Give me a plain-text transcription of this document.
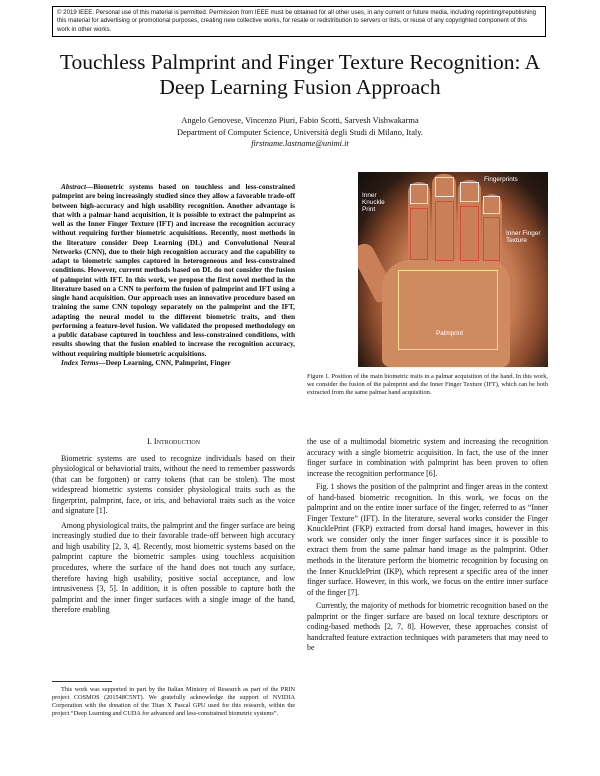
© 2019 IEEE. Personal use of this material is permitted. Permission from IEEE must be obtained for all other uses, in any current or future media, including reprinting/republishing this material for advertising or promotional purposes, creating new collective works, for resale or redistribution to servers or lists, or reuse of any copyrighted component of this work in other works.
Touchless Palmprint and Finger Texture Recognition: A Deep Learning Fusion Approach
Angelo Genovese, Vincenzo Piuri, Fabio Scotti, Sarvesh Vishwakarma
Department of Computer Science, Università degli Studi di Milano, Italy.
firstname.lastname@unimi.it

Abstract—Biometric systems based on touchless and less-constrained palmprint are being increasingly studied since they allow a favorable trade-off between high-accuracy and high usability recognition. Another advantage is that with a palmar hand acquisition, it is possible to extract the palmprint as well as the Inner Finger Texture (IFT) and increase the recognition accuracy without requiring further biometric acquisitions. Recently, most methods in the literature consider Deep Learning (DL) and Convolutional Neural Networks (CNN), due to their high recognition accuracy and the capability to adapt to biometric samples captured in heterogeneous and less-constrained conditions. However, current methods based on DL do not consider the fusion of palmprint with IFT. In this work, we propose the first novel method in the literature based on a CNN to perform the fusion of palmprint and IFT using a single hand acquisition. Our approach uses an innovative procedure based on training the same CNN topology separately on the palmprint and the IFT, adapting the neural model to the different biometric traits, and then performing a feature-level fusion. We validated the proposed methodology on a public database captured in touchless and less-constrained conditions, with results showing that the fusion enabled to increase the recognition accuracy, without requiring multiple biometric acquisitions.

Index Terms—Deep Learning, CNN, Palmprint, Finger

Fingerprints
Inner Knuckle Print
Inner Finger Texture
Palmprint
Figure 1. Position of the main biometric traits in a palmar acquisition of the hand. In this work, we consider the fusion of the palmprint and the Inner Finger Texture (IFT), which can be both extracted from the same palmar hand acquisition.
I. Introduction

Biometric systems are used to recognize individuals based on their physiological or behaviorial traits, without the need to remember passwords (that can be forgotten) or carry tokens (that can be stolen). The most widespread biometric systems consider physiological traits such as the fingerprint, palmprint, face, or iris, and behavioral traits such as the voice and signature [1].

Among physiological traits, the palmprint and the finger surface are being increasingly studied due to their favorable trade-off between high accuracy and high usability [2, 3, 4]. Recently, most biometric systems based on the palmprint capture the biometric samples using touchless acquisition procedures, where the surface of the hand does not touch any surface, therefore having high usability, positive social acceptance, and low intrusiveness [3, 5]. In addition, it is often possible to capture both the palmprint and the inner finger surfaces with a single image of the hand, therefore enabling

the use of a multimodal biometric system and increasing the recognition accuracy with a single biometric acquisition. In fact, the use of the inner finger surface in combination with palmprint has been proven to often increase the recognition performance [6].

Fig. 1 shows the position of the palmprint and finger areas in the context of hand-based biometric recognition. In this work, we focus on the palmprint and on the entire inner surface of the finger, referred to as “Inner Finger Texture” (IFT). In the literature, several works consider the Finger KnucklePrint (FKP) extracted from dorsal hand images, however in this work we consider only the inner finger surfaces since it is possible to extract them from the same palmar hand image as the palmprint. Other methods in the literature perform the biometric recognition by focusing on the Inner KnucklePrint (IKP), which represent a specific area of the inner finger surface. However, in this work, we focus on the entire inner surface of the finger [7].

Currently, the majority of methods for biometric recognition based on the palmprint or the finger surface are based on local texture descriptors or coding-based methods [2, 7, 8]. However, these approaches consist of handcrafted feature extraction techniques with parameters that may need to be

This work was supported in part by the Italian Ministry of Research as part of the PRIN project COSMOS (201548C5NT). We gratefully acknowledge the support of NVIDIA Corporation with the donation of the Titan X Pascal GPU used for this research, within the project “Deep Learning and CUDA for advanced and less-constrained biometric systems”.
